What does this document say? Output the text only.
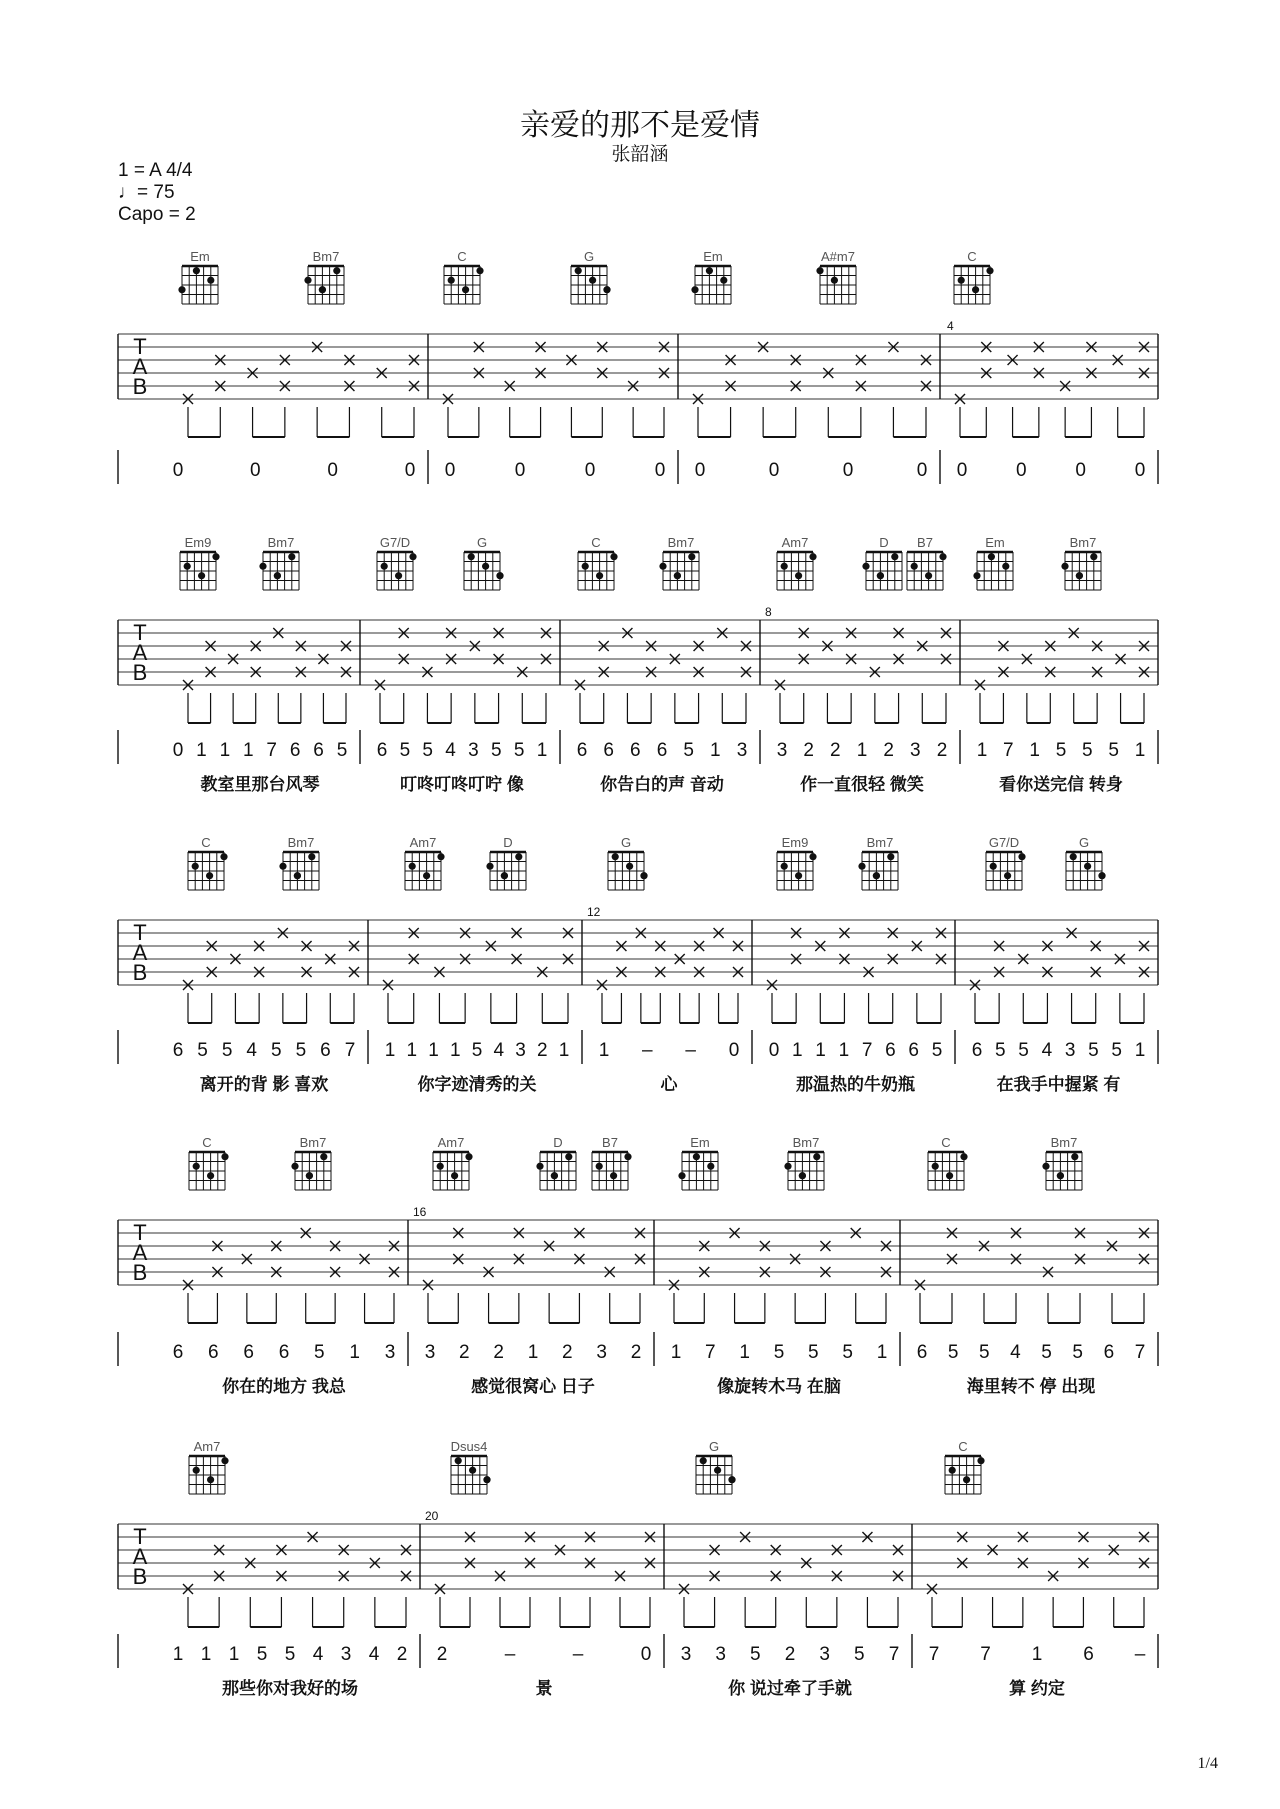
亲爱的那不是爱情
张韶涵
1 = A 4/4
♩= 75
Capo = 2
1/4
T
A
B
Em	Bm7	C	G	Em	A#m7	C
4
0	0	0	0 0	0	0	0 0	0	0	0 0	0	0	0
T
A
B
Em9	Bm7	G7/D	G	C	Bm7	Am7	D B7	Em	Bm7
8
0 1 1 1 7 6 6 5
教室里那台风琴
6 5 5 4 3 5 5 1
叮咚叮咚叮咛 像
6 6 6 6 5 1 3
你告白的声 音动
3 2 2 1 2 3 2
作一直很轻 微笑
1 7 1 5 5 5 1
看你送完信 转身
T
A
B
C	Bm7	Am7	D	G	Em9	Bm7	G7/D	G
12
6 5 5 4 5 5 6 7
离开的背 影 喜欢
1 1 1 1 5 4 3 2 1
你字迹清秀的关
1 – – 0
心
0 1 1 1 7 6 6 5
那温热的牛奶瓶
6 5 5 4 3 5 5 1
在我手中握紧 有
T
A
B
C	Bm7	Am7	D	B7	Em	Bm7	C	Bm7
16
6 6 6 6 5 1 3
你在的地方 我总
3 2 2 1 2 3 2
感觉很窝心 日子
1 7 1 5 5 5 1
像旋转木马 在脑
6 5 5 4 5 5 6 7
海里转不 停 出现
T
A
B
Am7	Dsus4	G	C
20
1 1 1 5 5 4 3 4 2
那些你对我好的场
2	–	–	0
景
3 3 5 2 3 5 7
你 说过牵了手就
7 7 1 6 –
算 约定
